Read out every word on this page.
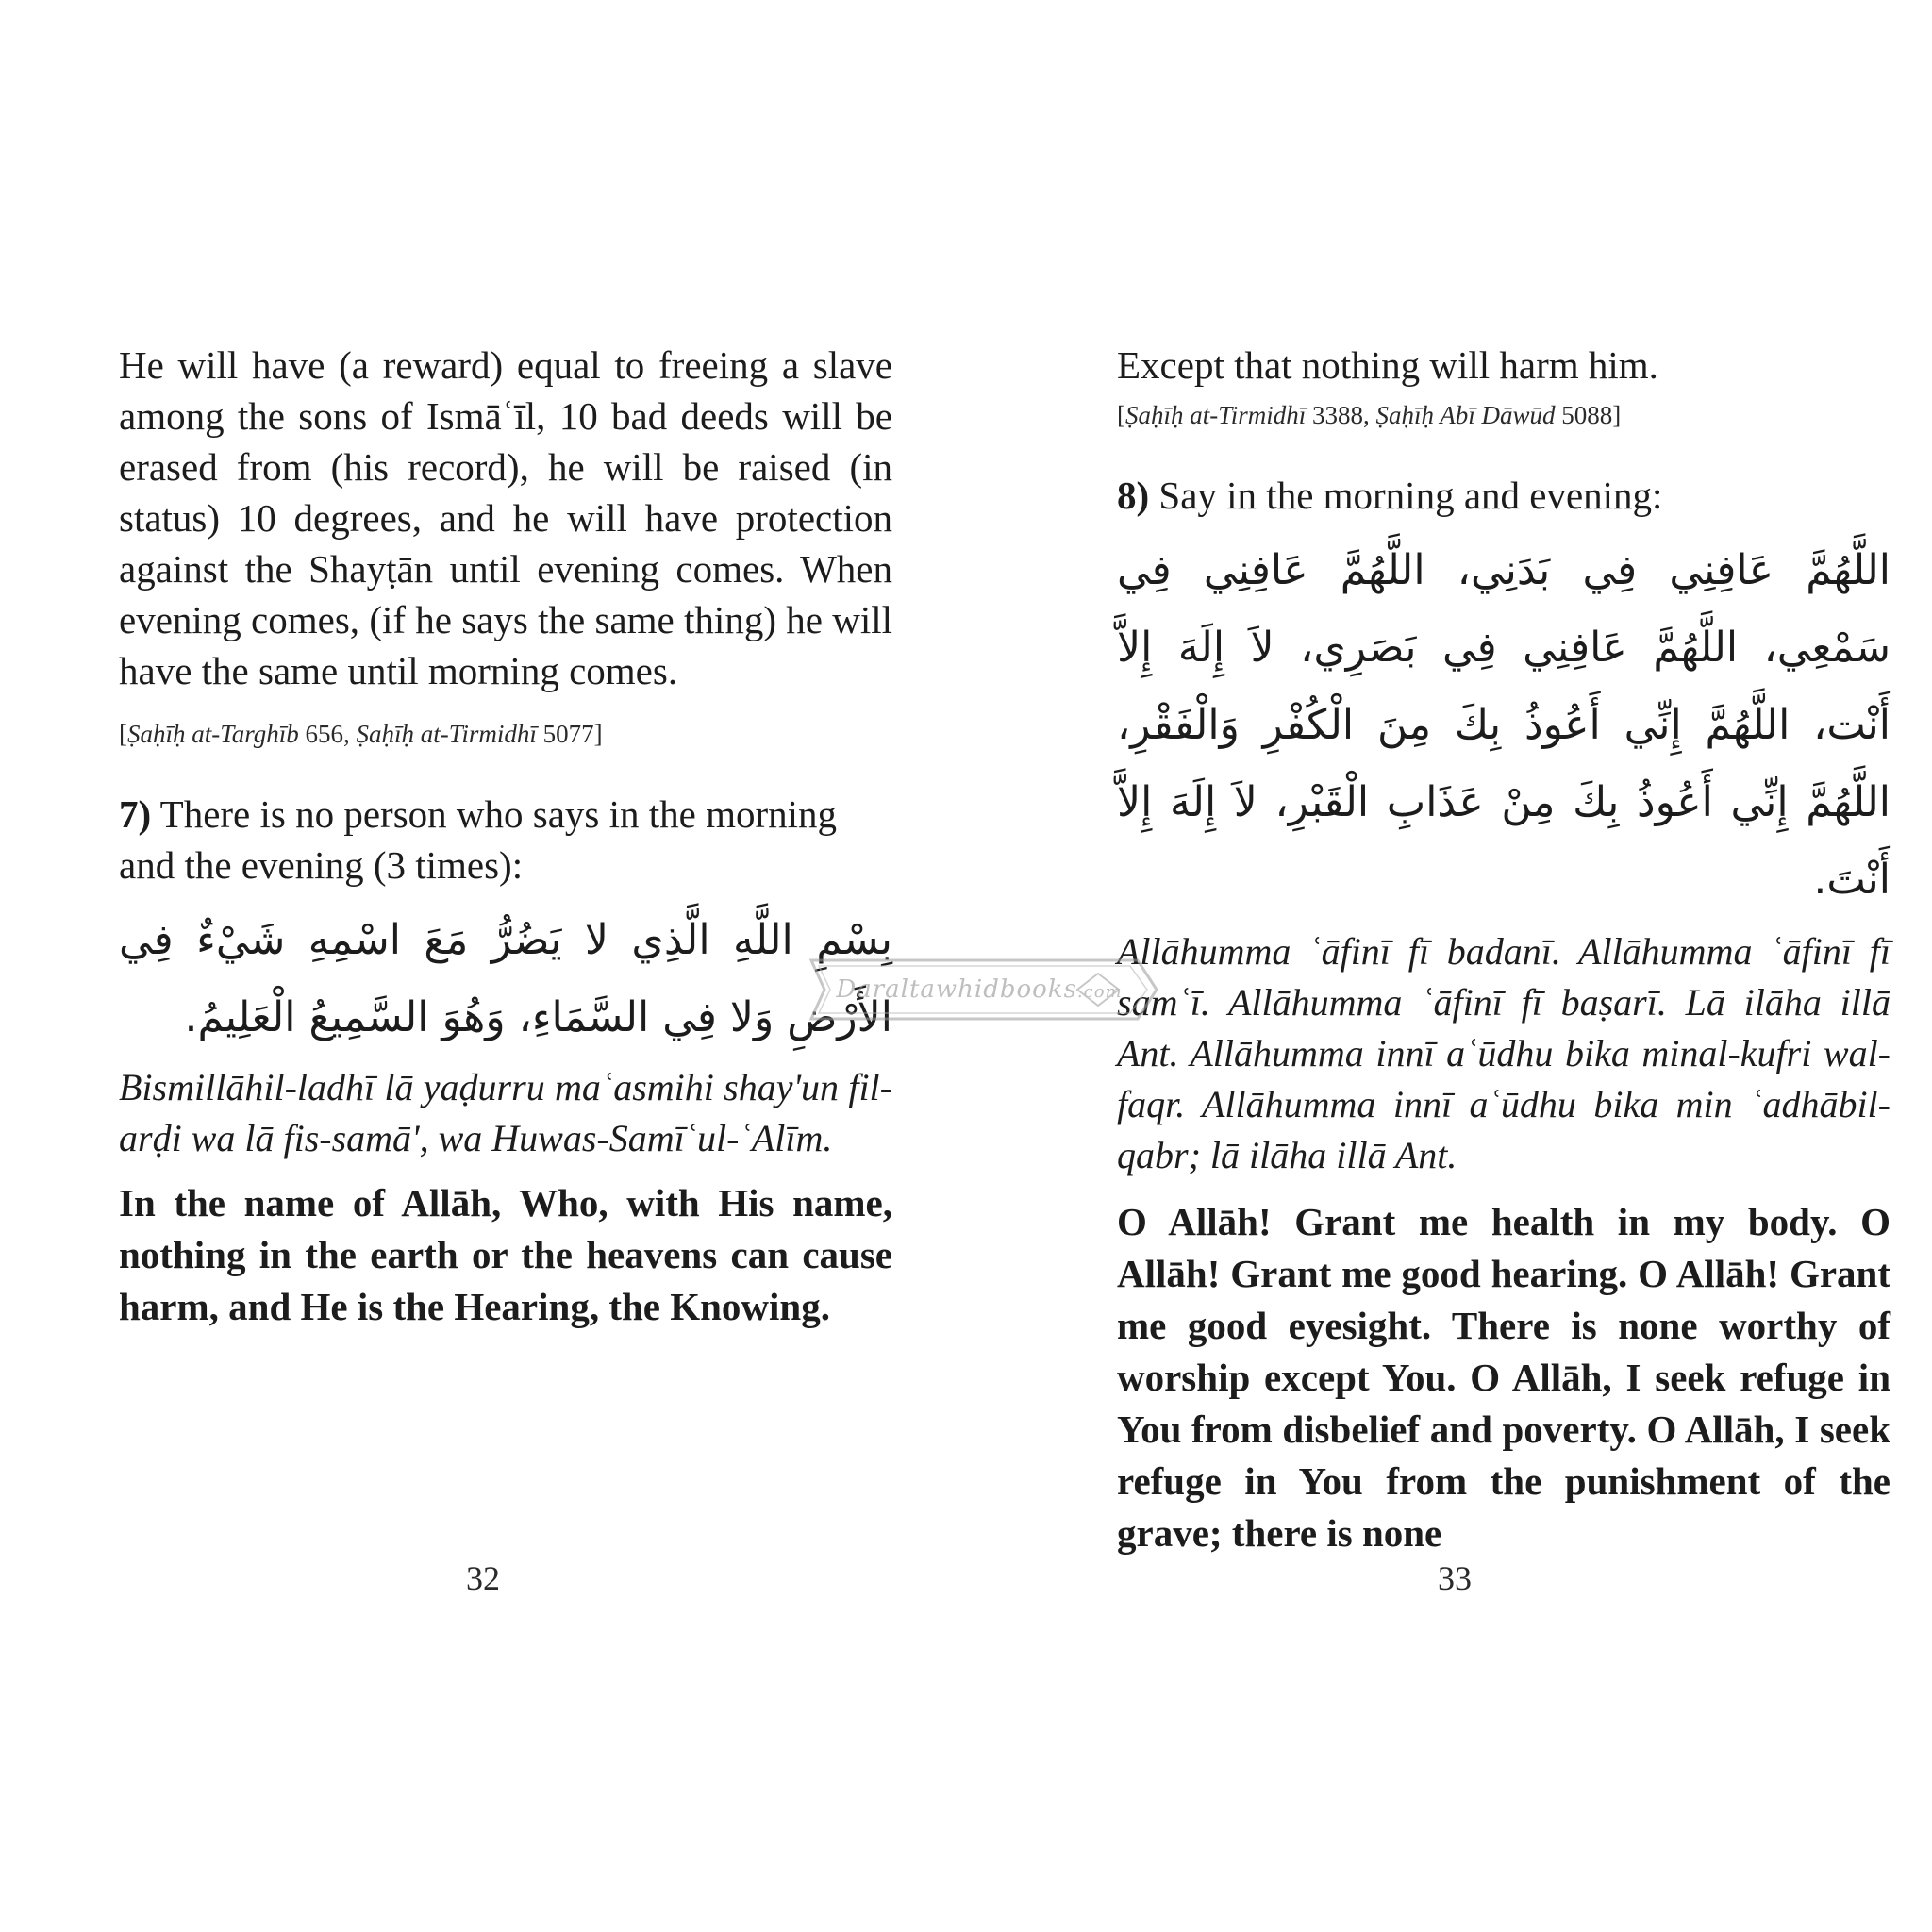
He will have (a reward) equal to freeing a slave among the sons of Ismāʿīl, 10 bad deeds will be erased from (his record), he will be raised (in status) 10 degrees, and he will have protection against the Shayṭān until evening comes. When evening comes, (if he says the same thing) he will have the same until morning comes.

[Ṣaḥīḥ at-Targhīb 656, Ṣaḥīḥ at-Tirmidhī 5077]

7) There is no person who says in the morning and the evening (3 times):

بِسْمِ اللَّهِ الَّذِي لا يَضُرُّ مَعَ اسْمِهِ شَيْءٌ فِي الأَرْضِ وَلا فِي السَّمَاءِ، وَهُوَ السَّمِيعُ الْعَلِيمُ.

Bismillāhil-ladhī lā yaḍurru maʿasmihi shay'un fil-arḍi wa lā fis-samā', wa Huwas-Samīʿul-ʿAlīm.

In the name of Allāh, Who, with His name, nothing in the earth or the heavens can cause harm, and He is the Hearing, the Knowing.

Except that nothing will harm him.

[Ṣaḥīḥ at-Tirmidhī 3388, Ṣaḥīḥ Abī Dāwūd 5088]

8) Say in the morning and evening:

اللَّهُمَّ عَافِنِي فِي بَدَنِي، اللَّهُمَّ عَافِنِي فِي سَمْعِي، اللَّهُمَّ عَافِنِي فِي بَصَرِي، لاَ إِلَهَ إِلاَّ أَنْت، اللَّهُمَّ إِنِّي أَعُوذُ بِكَ مِنَ الْكُفْرِ وَالْفَقْرِ، اللَّهُمَّ إِنِّي أَعُوذُ بِكَ مِنْ عَذَابِ الْقَبْرِ، لاَ إِلَهَ إِلاَّ أَنْتَ.

Allāhumma ʿāfinī fī badanī. Allāhumma ʿāfinī fī samʿī. Allāhumma ʿāfinī fī baṣarī. Lā ilāha illā Ant. Allāhumma innī aʿūdhu bika minal-kufri wal-faqr. Allāhumma innī aʿūdhu bika min ʿadhābil-qabr; lā ilāha illā Ant.

O Allāh! Grant me health in my body. O Allāh! Grant me good hearing. O Allāh! Grant me good eyesight. There is none worthy of worship except You. O Allāh, I seek refuge in You from disbelief and poverty. O Allāh, I seek refuge in You from the punishment of the grave; there is none

32	33
Daraltawhidbooks.com
